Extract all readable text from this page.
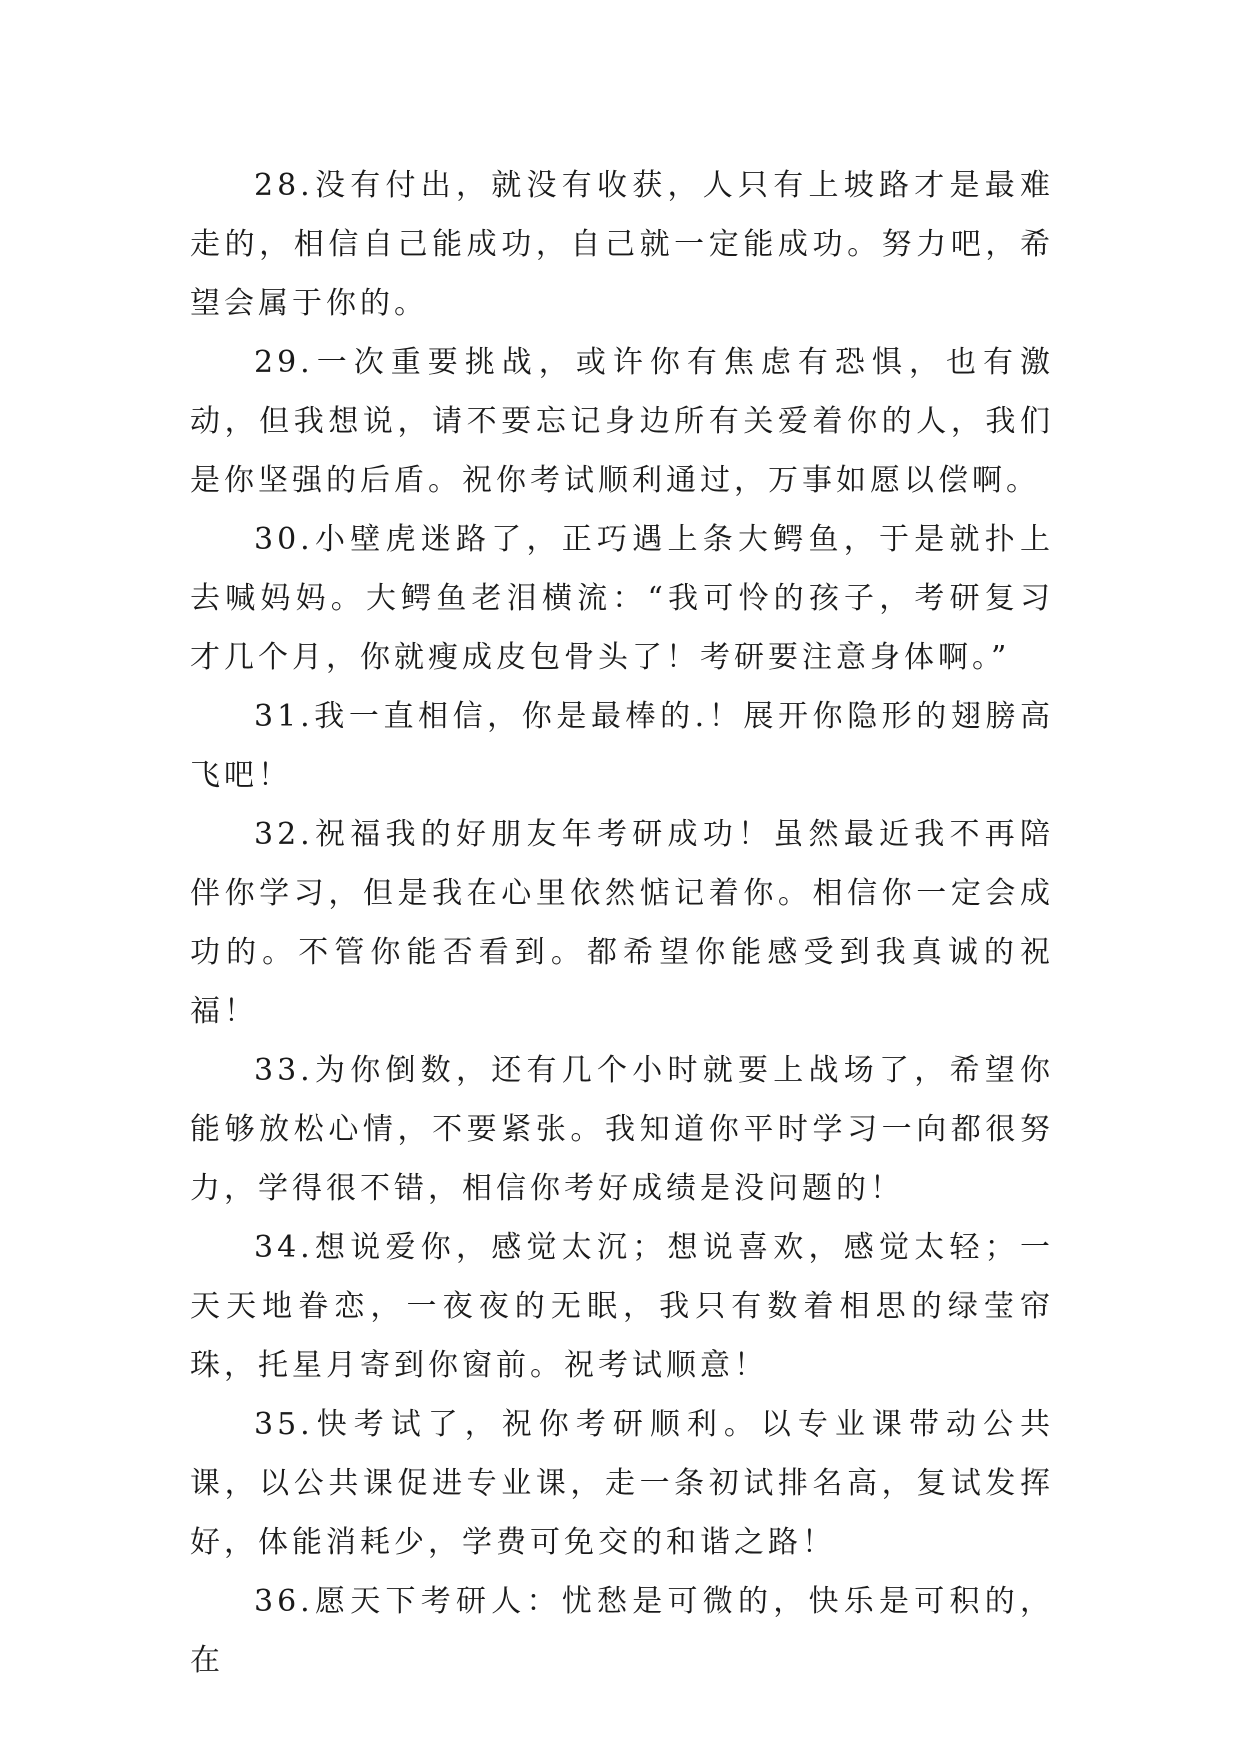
28.没有付出，就没有收获，人只有上坡路才是最难走的，相信自己能成功，自己就一定能成功。努力吧，希望会属于你的。

29.一次重要挑战，或许你有焦虑有恐惧，也有激动，但我想说，请不要忘记身边所有关爱着你的人，我们是你坚强的后盾。祝你考试顺利通过，万事如愿以偿啊。

30.小壁虎迷路了，正巧遇上条大鳄鱼，于是就扑上去喊妈妈。大鳄鱼老泪横流：“我可怜的孩子，考研复习才几个月，你就瘦成皮包骨头了！考研要注意身体啊。”

31.我一直相信，你是最棒的.！展开你隐形的翅膀高飞吧！

32.祝福我的好朋友年考研成功！虽然最近我不再陪伴你学习，但是我在心里依然惦记着你。相信你一定会成功的。不管你能否看到。都希望你能感受到我真诚的祝福！

33.为你倒数，还有几个小时就要上战场了，希望你能够放松心情，不要紧张。我知道你平时学习一向都很努力，学得很不错，相信你考好成绩是没问题的！

34.想说爱你，感觉太沉；想说喜欢，感觉太轻；一天天地眷恋，一夜夜的无眠，我只有数着相思的绿莹帘珠，托星月寄到你窗前。祝考试顺意！

35.快考试了，祝你考研顺利。以专业课带动公共课，以公共课促进专业课，走一条初试排名高，复试发挥好，体能消耗少，学费可免交的和谐之路！

36.愿天下考研人：忧愁是可微的，快乐是可积的，在
